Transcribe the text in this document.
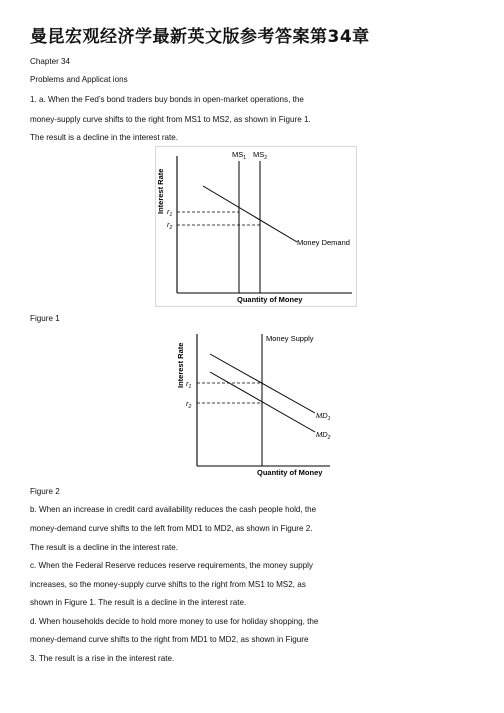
曼昆宏观经济学最新英文版参考答案第34章
Chapter 34
Problems and Applicat ions
1. a. When the Fed’s bond traders buy bonds in open-market operations, the
money-supply curve shifts to the right from MS1 to MS2, as shown in Figure 1.
The result is a decline in the interest rate.
$MS_1$ $MS_2$
$r_1$
$r_2$
Money Demand
Quantity of Money
Interest Rate
Figure 1
Money Supply
$r_1$
$r_2$
$MD_1$
$MD_2$
Quantity of Money
Interest Rate
Figure 2
b. When an increase in credit card availability reduces the cash people hold, the
money-demand curve shifts to the left from MD1 to MD2, as shown in Figure 2.
The result is a decline in the interest rate.
c. When the Federal Reserve reduces reserve requirements, the money supply
increases, so the money-supply curve shifts to the right from MS1 to MS2, as
shown in Figure 1. The result is a decline in the interest rate.
d. When households decide to hold more money to use for holiday shopping, the
money-demand curve shifts to the right from MD1 to MD2, as shown in Figure
3. The result is a rise in the interest rate.
